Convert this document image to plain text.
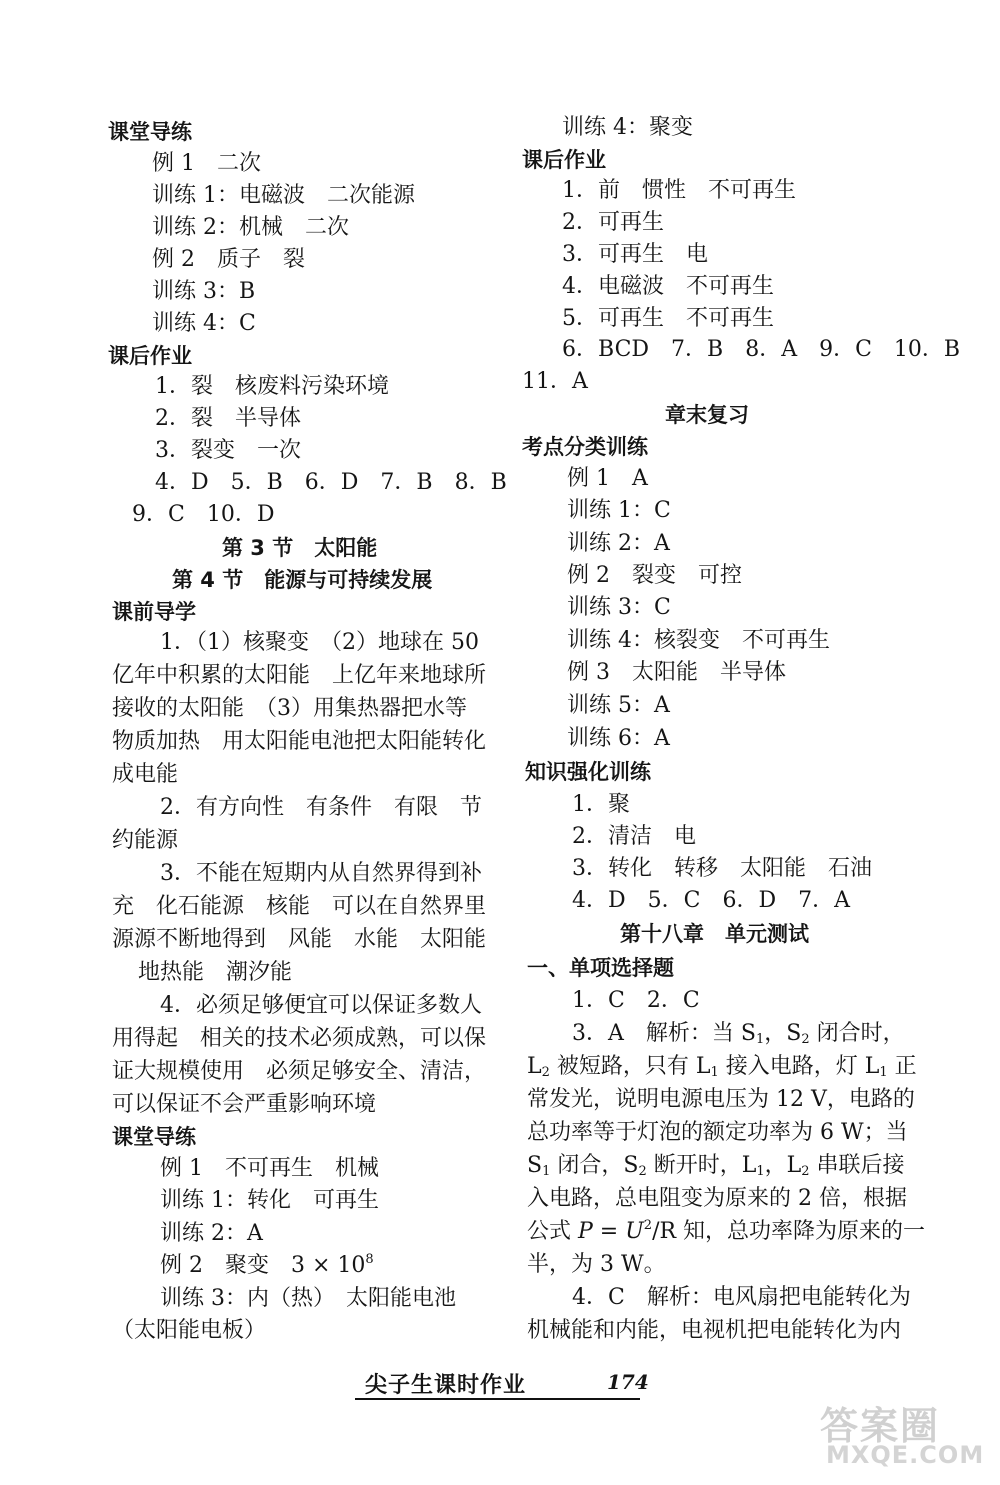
课堂导练
例 1　二次
训练 1：电磁波　二次能源
训练 2：机械　二次
例 2　质子　裂
训练 3：B
训练 4：C
课后作业
1．裂　核废料污染环境
2．裂　半导体
3．裂变　一次
4．D　5．B　6．D　7．B　8．B
9．C　10．D
第 3 节　太阳能
第 4 节　能源与可持续发展
课前导学
1．（1）核聚变　（2）地球在 50
亿年中积累的太阳能　上亿年来地球所
接收的太阳能　（3）用集热器把水等
物质加热　用太阳能电池把太阳能转化
成电能
2．有方向性　有条件　有限　节
约能源
3．不能在短期内从自然界得到补
充　化石能源　核能　可以在自然界里
源源不断地得到　风能　水能　太阳能
地热能　潮汐能
4．必须足够便宜可以保证多数人
用得起　相关的技术必须成熟，可以保
证大规模使用　必须足够安全、清洁，
可以保证不会严重影响环境
课堂导练
例 1　不可再生　机械
训练 1：转化　可再生
训练 2：A
例 2　聚变　$3 \times 10^8$
训练 3：内（热）　太阳能电池
（太阳能电板）
训练 4：聚变
课后作业
1．前　惯性　不可再生
2．可再生
3．可再生　电
4．电磁波　不可再生
5．可再生　不可再生
6．BCD　7．B　8．A　9．C　10．B
11．A
章末复习
考点分类训练
例 1　A
训练 1：C
训练 2：A
例 2　裂变　可控
训练 3：C
训练 4：核裂变　不可再生
例 3　太阳能　半导体
训练 5：A
训练 6：A
知识强化训练
1．聚
2．清洁　电
3．转化　转移　太阳能　石油
4．D　5．C　6．D　7．A
第十八章　单元测试
一、单项选择题
1．C　2．C
3．A　解析：当 $S_1$，$S_2$ 闭合时，
$L_2$ 被短路，只有 $L_1$ 接入电路，灯 $L_1$ 正
常发光，说明电源电压为 12 V，电路的
总功率等于灯泡的额定功率为 6 W；当
$S_1$ 闭合，$S_2$ 断开时，$L_1$，$L_2$ 串联后接
入电路，总电阻变为原来的 2 倍，根据
公式 $P = U^2/R$ 知，总功率降为原来的一
半，为 3 W。
4．C　解析：电风扇把电能转化为
机械能和内能，电视机把电能转化为内
尖子生课时作业	174
答案圈
MXQE.COM
